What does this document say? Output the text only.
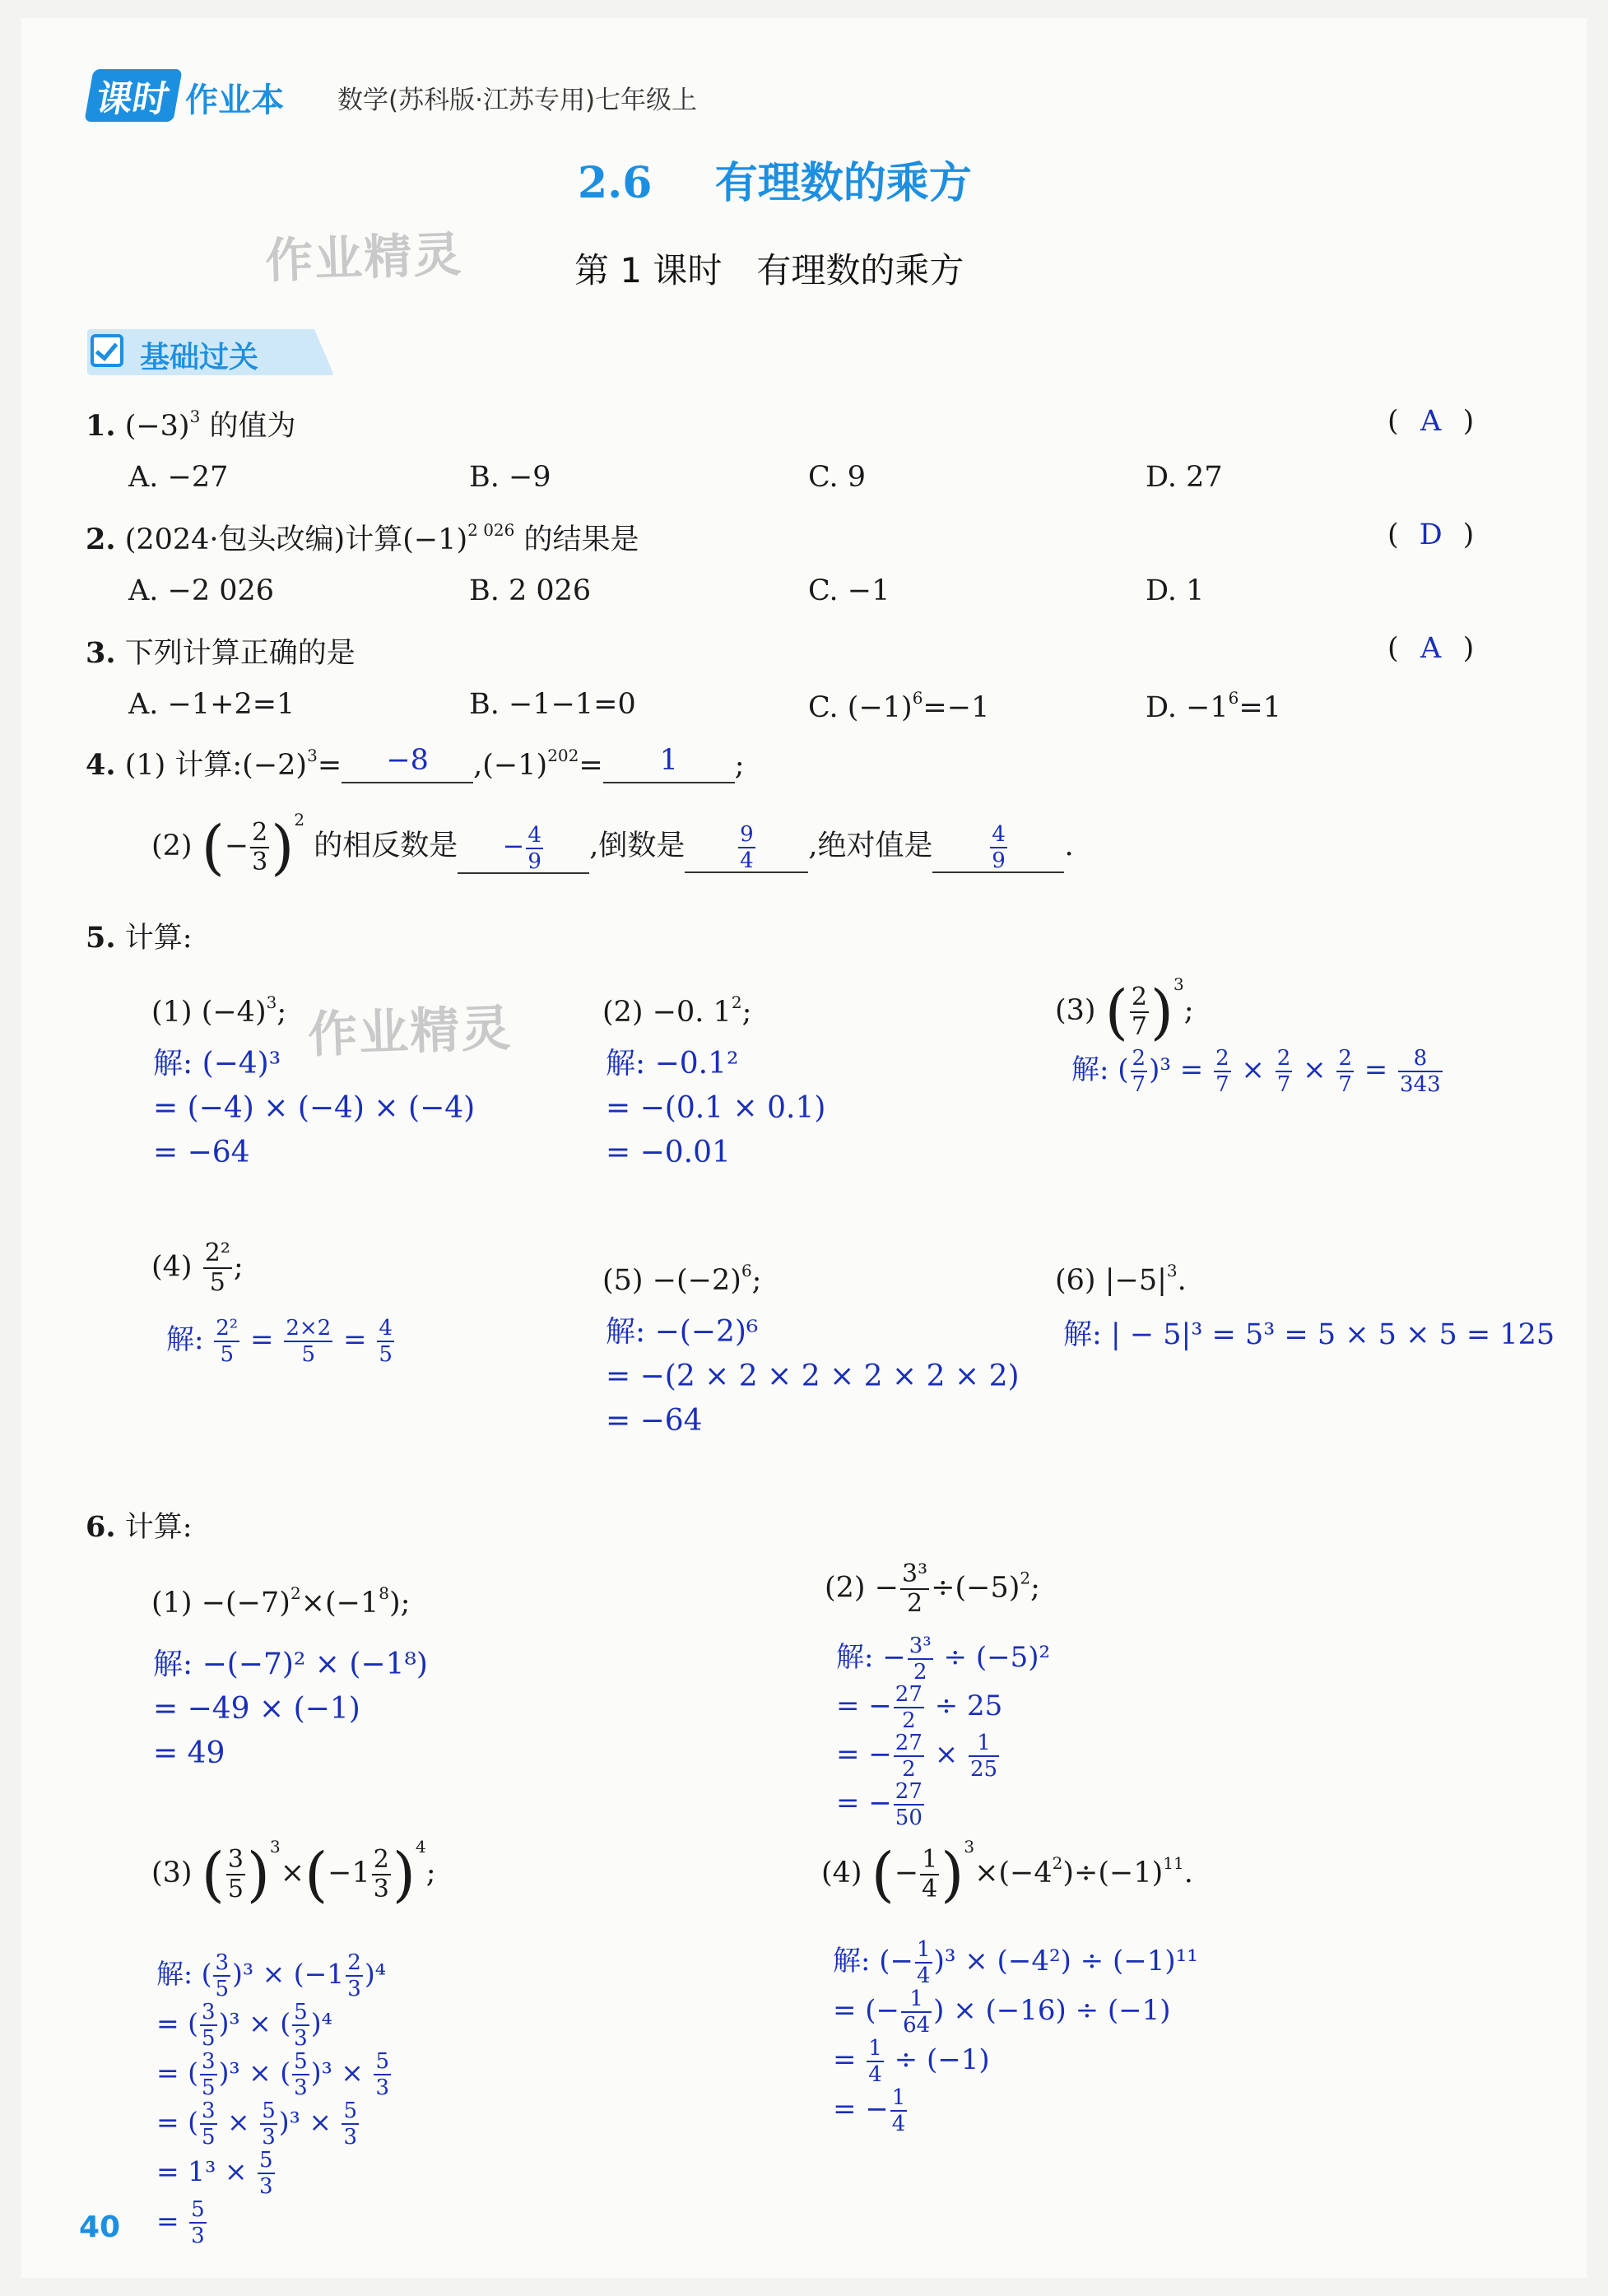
课时 作业本 数学(苏科版·江苏专用)七年级上
2.6 有理数的乘方
作业精灵	第 1 课时　有理数的乘方
基础过关
1. $(-3)^3$ 的值为	( A )
A. −27	B. −9	C. 9	D. 27
2. (2024·包头改编)计算$(-1)^{2 026}$ 的结果是	( D )
A. −2 026	B. 2 026	C. −1	D. 1
3. 下列计算正确的是	( A )
A. −1+2=1	B. −1−1=0	C. $(-1)^6=-1$	D. $-1^6=1$
4. (1) 计算$:(-2)^3= -8$ $,(-1)^{202}= 1$ ;
(2) (− $\frac{2}{3} )^2$ 的相反数是 − $\frac{4}{9}$ ,倒数是 $\frac{9}{4}$ ,绝对值是	$\frac{4}{9}$ .
5. 计算:
(1) $(-4)^3$; 作业精灵
解: (−4)³
= (−4) × (−4) × (−4)
= −64
(2) −0. $1^2$;
解: −0.1²
= −(0.1 × 0.1)
= −0.01
(3) ( $\frac{2}{7} )^3$;
解: ( $\frac{2}{7} )^3 = \frac{2}{7} \times \frac{2}{7} \times \frac{2}{7} = \frac{8}{343}$
$(4) \frac{\text{2²}}{5}$ ;
解: $\frac{\text{2²}}{5} = \frac{2\times 2}{5} = \frac{4}{5}$
$(5) -(-2)^6$;
解: −(−2)⁶
= −(2 × 2 × 2 × 2 × 2 × 2)
= −64
(6) $|-5|^3$.
解: | − 5|³ = 5³ = 5 × 5 × 5 = 125
6. 计算:
$(1) -(-7)^2\times(-1^8)$;
解: −(−7)² × (−1⁸)
= −49 × (−1)
= 49
$(2) - \frac{\text{3³}}{2} \div(-5)^2$;
解: − $\frac{\text{3³}}{2} \div (-5)^2$
= − $\frac{27}{2} \div 25$
= − $\frac{27}{2} \times \frac{1}{25}$
= − $\frac{27}{50}$
(3) ( $\frac{3}{5} )^3\times(-1 \frac{2}{3} )^4$;
解: ( $\frac{3}{5} )^3 \times (-1 \frac{2}{3} )^4$
= ( $\frac{3}{5} )^3$ × ( $\frac{5}{3} )^4$
= ( $\frac{3}{5} )^3$ × ( $\frac{5}{3} )^3 \times \frac{5}{3}$
= ( $\frac{3}{5} \times \frac{5}{3} )^3 \times \frac{5}{3}$
= $1^3 \times \frac{5}{3}$
= $\frac{5}{3}$
(4) (− $\frac{1}{4} )^3\times(-4^2)\div(-1)^{11}$.
解: (− $\frac{1}{4} )^3 \times (-4^2) \div (-1)^{11}$
= (− $\frac{1}{64}$ ) × (−16) ÷ (−1)
= $\frac{1}{4} \div (-1)$
= − $\frac{1}{4}$
40
